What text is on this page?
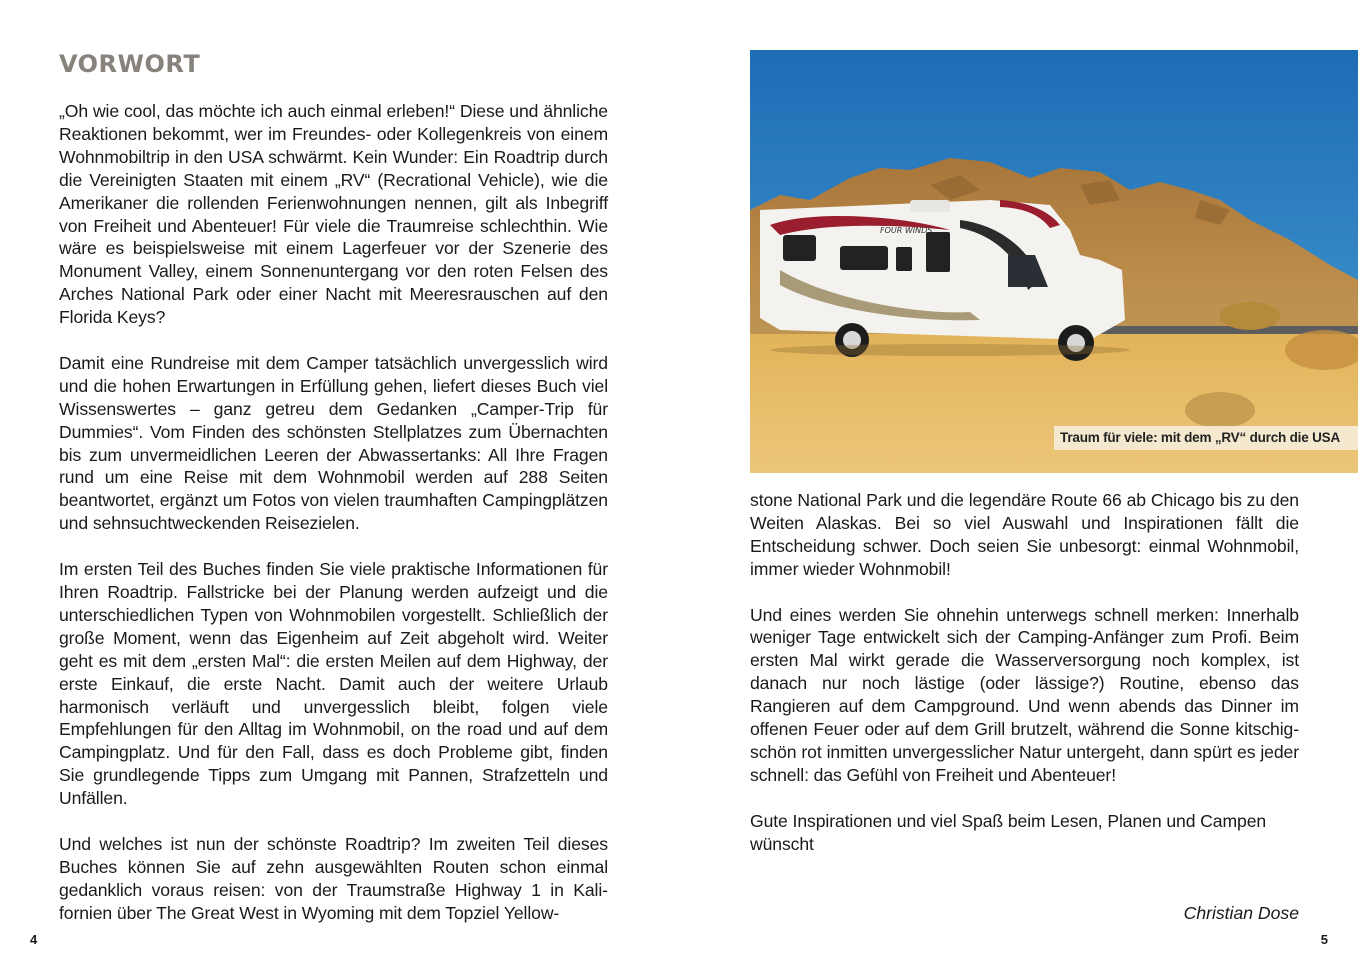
VORWORT

„Oh wie cool, das möchte ich auch einmal erleben!“ Diese und ähnliche Reaktionen bekommt, wer im Freundes- oder Kollegenkreis von einem Wohnmobiltrip in den USA schwärmt. Kein Wunder: Ein Roadtrip durch die Vereinigten Staaten mit einem „RV“ (Recrational Vehicle), wie die Amerikaner die rollenden Ferienwohnungen nennen, gilt als Inbegriff von Freiheit und Abenteuer! Für viele die Traumreise schlechthin. Wie wäre es beispielsweise mit einem Lagerfeuer vor der Szenerie des Monument Valley, einem Sonnenuntergang vor den roten Felsen des Arches National Park oder einer Nacht mit Meeresrauschen auf den Florida Keys?

Damit eine Rundreise mit dem Camper tatsächlich unvergesslich wird und die hohen Erwartungen in Erfüllung gehen, liefert dieses Buch viel Wissenswertes – ganz getreu dem Gedanken „Camper-Trip für Dummies“. Vom Finden des schönsten Stellplatzes zum Übernachten bis zum unvermeidlichen Leeren der Abwassertanks: All Ihre Fragen rund um eine Reise mit dem Wohnmobil werden auf 288 Seiten beantwortet, ergänzt um Fotos von vielen traumhaften Campingplätzen und sehnsuchtweckenden Reisezielen.

Im ersten Teil des Buches finden Sie viele praktische Informationen für Ihren Roadtrip. Fallstricke bei der Planung werden aufzeigt und die unterschiedlichen Typen von Wohnmobilen vorgestellt. Schließlich der große Moment, wenn das Eigenheim auf Zeit abgeholt wird. Weiter geht es mit dem „ersten Mal“: die ersten Meilen auf dem Highway, der erste Einkauf, die erste Nacht. Damit auch der weitere Urlaub harmonisch verläuft und unvergesslich bleibt, folgen viele Empfehlungen für den Alltag im Wohnmobil, on the road und auf dem Campingplatz. Und für den Fall, dass es doch Probleme gibt, finden Sie grundlegende Tipps zum Umgang mit Pannen, Strafzetteln und Unfällen.

Und welches ist nun der schönste Roadtrip? Im zweiten Teil dieses Buches können Sie auf zehn ausgewählten Routen schon einmal gedanklich voraus reisen: von der Traumstraße Highway 1 in Kalifornien über The Great West in Wyoming mit dem Topziel Yellow-

4
FOUR WINDS
Traum für viele: mit dem „RV“ durch die USA

stone National Park und die legendäre Route 66 ab Chicago bis zu den Weiten Alaskas. Bei so viel Auswahl und Inspirationen fällt die Entscheidung schwer. Doch seien Sie unbesorgt: einmal Wohnmobil, immer wieder Wohnmobil!

Und eines werden Sie ohnehin unterwegs schnell merken: Innerhalb weniger Tage entwickelt sich der Camping-Anfänger zum Profi. Beim ersten Mal wirkt gerade die Wasserversorgung noch komplex, ist danach nur noch lästige (oder lässige?) Routine, ebenso das Rangieren auf dem Campground. Und wenn abends das Dinner im offenen Feuer oder auf dem Grill brutzelt, während die Sonne kitschig-schön rot inmitten unvergesslicher Natur untergeht, dann spürt es jeder schnell: das Gefühl von Freiheit und Abenteuer!

Gute Inspirationen und viel Spaß beim Lesen, Planen und Campen wünscht

Christian Dose
5
